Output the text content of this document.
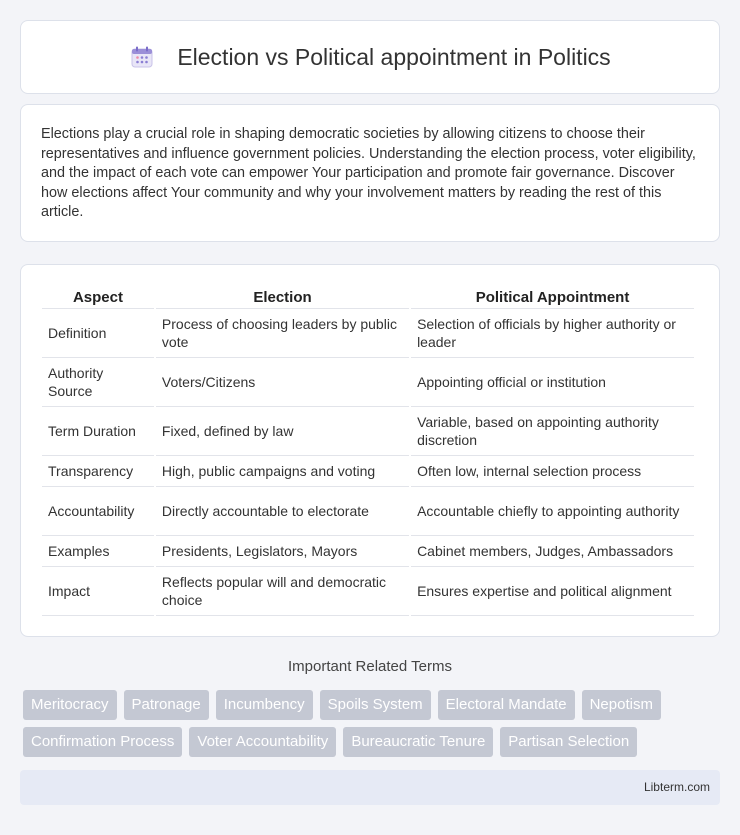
Election vs Political appointment in Politics

Elections play a crucial role in shaping democratic societies by allowing citizens to choose their representatives and influence government policies. Understanding the election process, voter eligibility, and the impact of each vote can empower Your participation and promote fair governance. Discover how elections affect Your community and why your involvement matters by reading the rest of this article.

Aspect	Election	Political Appointment
Definition	Process of choosing leaders by public vote	Selection of officials by higher authority or leader
Authority Source	Voters/Citizens	Appointing official or institution
Term Duration	Fixed, defined by law	Variable, based on appointing authority discretion
Transparency	High, public campaigns and voting	Often low, internal selection process
Accountability	Directly accountable to electorate	Accountable chiefly to appointing authority
Examples	Presidents, Legislators, Mayors	Cabinet members, Judges, Ambassadors
Impact	Reflects popular will and democratic choice	Ensures expertise and political alignment
Important Related Terms
Meritocracy	Patronage	Incumbency	Spoils System	Electoral Mandate	Nepotism
Confirmation Process	Voter Accountability	Bureaucratic Tenure	Partisan Selection
Libterm.com
